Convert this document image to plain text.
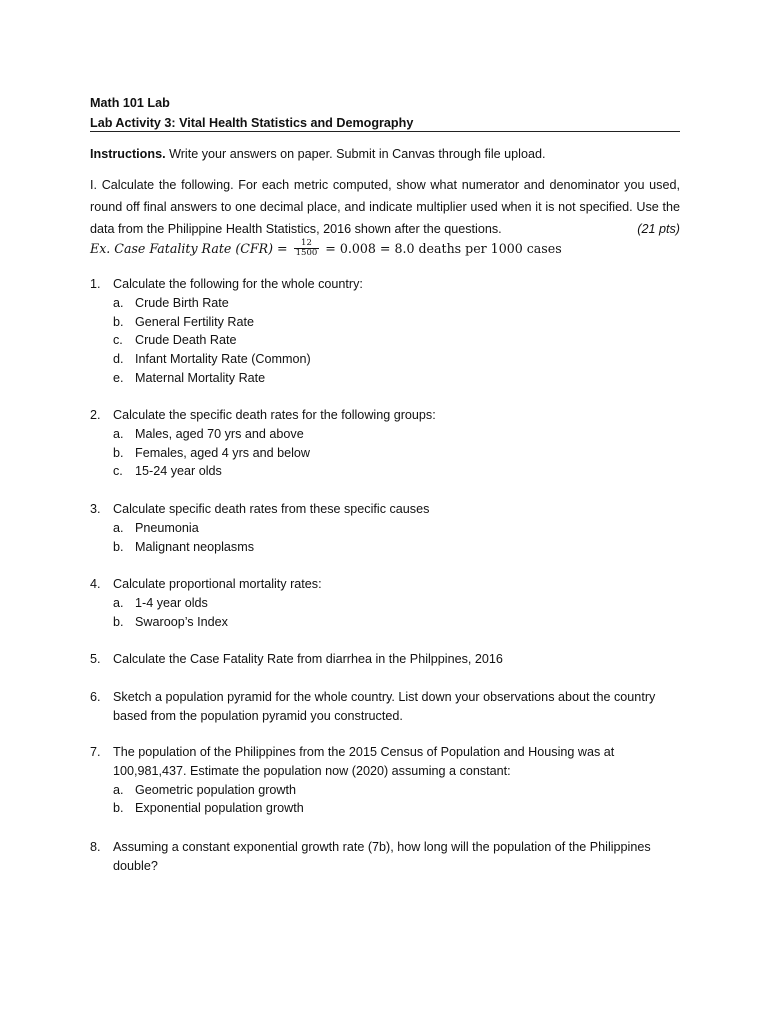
Math 101 Lab
Lab Activity 3: Vital Health Statistics and Demography
Instructions. Write your answers on paper. Submit in Canvas through file upload.
I. Calculate the following. For each metric computed, show what numerator and denominator you used, round off final answers to one decimal place, and indicate multiplier used when it is not specified. Use the data from the Philippine Health Statistics, 2016 shown after the questions.	(21 pts)
Ex. Case Fatality Rate $(CFR) = \frac{12}{1500} = 0.008 = 8.0$ deaths per 1000 cases
1. Calculate the following for the whole country:
a. Crude Birth Rate
b. General Fertility Rate
c. Crude Death Rate
d. Infant Mortality Rate (Common)
e. Maternal Mortality Rate
2. Calculate the specific death rates for the following groups:
a. Males, aged 70 yrs and above
b. Females, aged 4 yrs and below
c. 15-24 year olds
3. Calculate specific death rates from these specific causes
a. Pneumonia
b. Malignant neoplasms
4. Calculate proportional mortality rates:
a. 1-4 year olds
b. Swaroop’s Index
5. Calculate the Case Fatality Rate from diarrhea in the Philppines, 2016
6. Sketch a population pyramid for the whole country. List down your observations about the country based from the population pyramid you constructed.
7. The population of the Philippines from the 2015 Census of Population and Housing was at 100,981,437. Estimate the population now (2020) assuming a constant:
a. Geometric population growth
b. Exponential population growth
8. Assuming a constant exponential growth rate (7b), how long will the population of the Philippines double?
